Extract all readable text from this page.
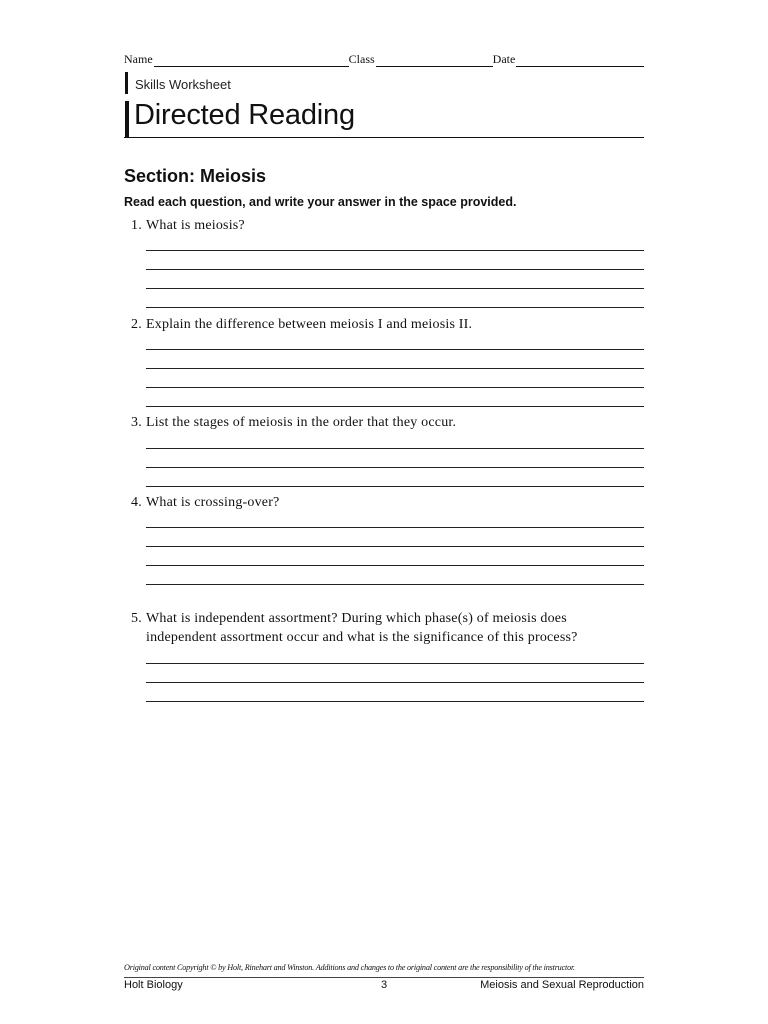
Name	Class	Date
Skills Worksheet
Directed Reading
Section: Meiosis
Read each question, and write your answer in the space provided.
1. What is meiosis?
2. Explain the difference between meiosis I and meiosis II.
3. List the stages of meiosis in the order that they occur.
4. What is crossing-over?
5. What is independent assortment? During which phase(s) of meiosis does
independent assortment occur and what is the significance of this process?
Original content Copyright © by Holt, Rinehart and Winston. Additions and changes to the original content are the responsibility of the instructor.
Holt Biology	3	Meiosis and Sexual Reproduction
